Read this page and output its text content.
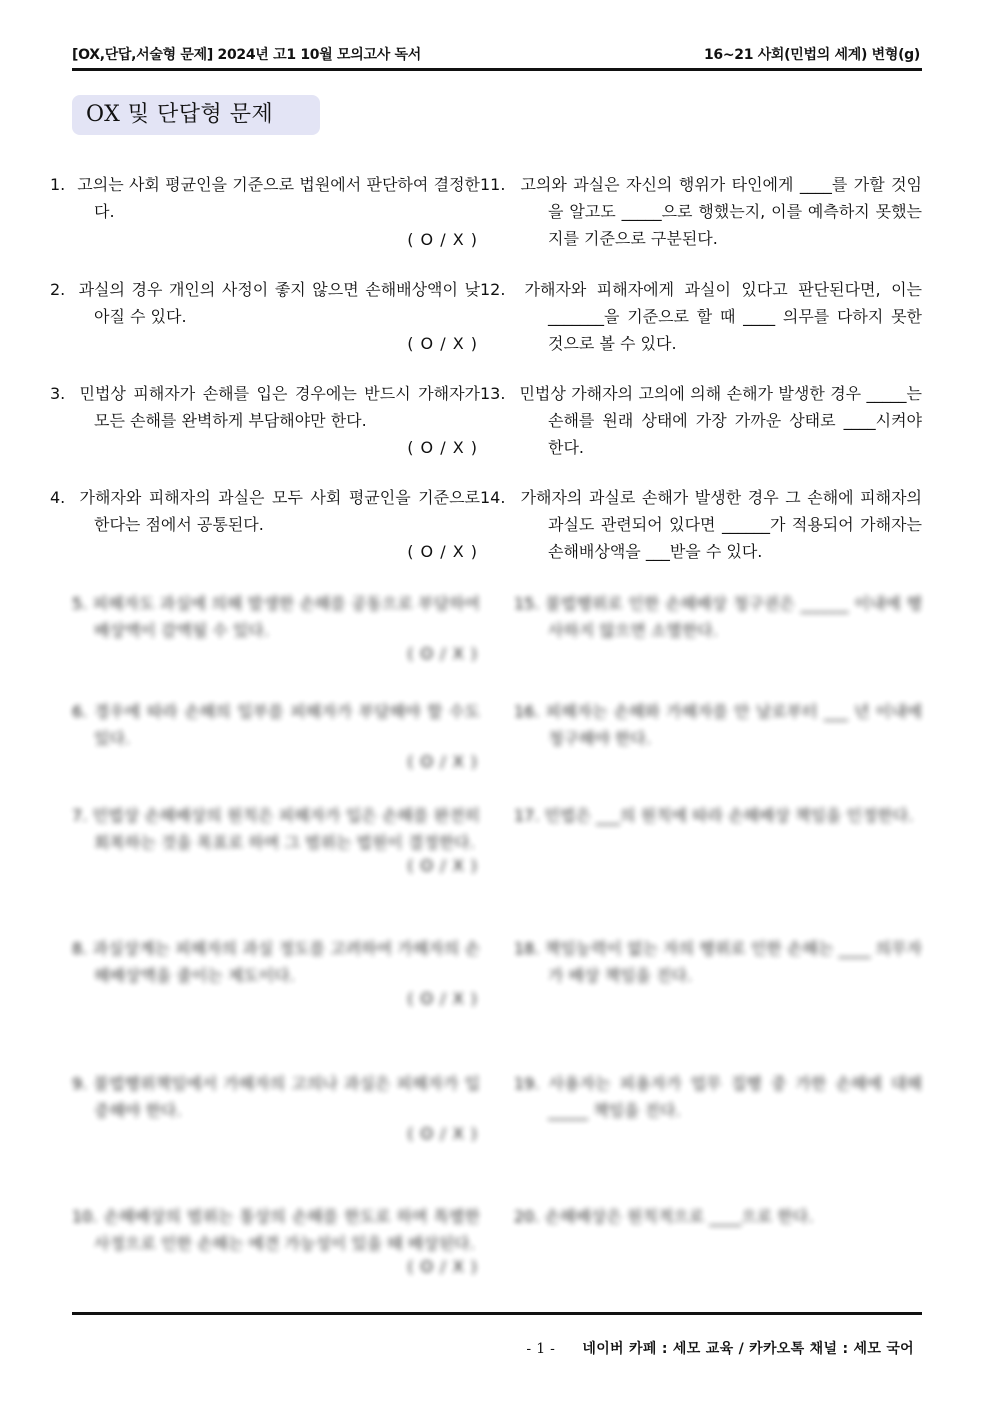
[OX,단답,서술형 문제] 2024년 고1 10월 모의고사 독서	16~21 사회(민법의 세계) 변형(g)
OX 및 단답형 문제
1. 고의는 사회 평균인을 기준으로 법원에서 판단하여 결정한다.
( O / X )
2. 과실의 경우 개인의 사정이 좋지 않으면 손해배상액이 낮아질 수 있다.
( O / X )
3. 민법상 피해자가 손해를 입은 경우에는 반드시 가해자가 모든 손해를 완벽하게 부담해야만 한다.
( O / X )
4. 가해자와 피해자의 과실은 모두 사회 평균인을 기준으로 한다는 점에서 공통된다.
( O / X )
11. 고의와 과실은 자신의 행위가 타인에게 ____를 가할 것임을 알고도 _____으로 행했는지, 이를 예측하지 못했는지를 기준으로 구분된다.
12. 가해자와 피해자에게 과실이 있다고 판단된다면, 이는 _______을 기준으로 할 때 ____ 의무를 다하지 못한 것으로 볼 수 있다.
13. 민법상 가해자의 고의에 의해 손해가 발생한 경우 _____는 손해를 원래 상태에 가장 가까운 상태로 ____시켜야 한다.
14. 가해자의 과실로 손해가 발생한 경우 그 손해에 피해자의 과실도 관련되어 있다면 ______가 적용되어 가해자는 손해배상액을 ___받을 수 있다.
5. 피해자도 과실에 의해 발생한 손해를 공동으로 부담하여 배상액이 감액될 수 있다.
( O / X )
6. 경우에 따라 손해의 일부를 피해자가 부담해야 할 수도 있다.
( O / X )
7. 민법상 손해배상의 원칙은 피해자가 입은 손해를 완전히 회복하는 것을 목표로 하며 그 범위는 법원이 결정한다.
( O / X )
8. 과실상계는 피해자의 과실 정도를 고려하여 가해자의 손해배상액을 줄이는 제도이다.
( O / X )
9. 불법행위책임에서 가해자의 고의나 과실은 피해자가 입증해야 한다.
( O / X )
10. 손해배상의 범위는 통상의 손해를 한도로 하며 특별한 사정으로 인한 손해는 예견 가능성이 있을 때 배상된다.
( O / X )
15. 불법행위로 인한 손해배상 청구권은 ______ 이내에 행사하지 않으면 소멸한다.
16. 피해자는 손해와 가해자를 안 날로부터 ___ 년 이내에 청구해야 한다.
17. 민법은 ___의 원칙에 따라 손해배상 책임을 인정한다.
18. 책임능력이 없는 자의 행위로 인한 손해는 ____ 의무자가 배상 책임을 진다.
19. 사용자는 피용자가 업무 집행 중 가한 손해에 대해 _____ 책임을 진다.
20. 손해배상은 원칙적으로 ____으로 한다.
- 1 - 네이버 카페 : 세모 교육 / 카카오톡 채널 : 세모 국어
